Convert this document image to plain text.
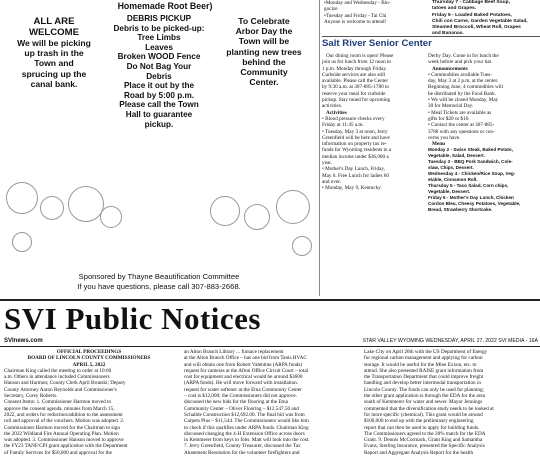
Homemade Root Beer)
ALL ARE
WELCOME
We will be picking
up trash in the
Town and
sprucing up the
canal bank.
DEBRIS PICKUP
Debris to be picked-up:
Tree Limbs
Leaves
Broken WOOD Fence
Do Not Bag Your
Debris
Place it out by the
Road by 5:00 p.m.
Please call the Town
Hall to guarantee
pickup.
To Celebrate
Arbor Day the
Town will be
planting new trees
behind the
Community
Center.
Sponsored by Thayne Beautification Committee
If you have questions, please call 307-883-2668.
•Monday and Wednesday - Bin-
gocize
•Tuesday and Friday - Tai Chi
Anyone is welcome to attend!
Thursday 7 - Cabbage Beef Soup,
tatoes and Grapes.
Friday 6 - Loaded Baked Potatoes,
Chili con Carne, Garden Vegetable Salad,
Steamed Broccoli, Wheat Roll, Grapes
and Bananas.
Salt River Senior Center
Our dining room is open! Please
join us for lunch from 12 noon to
1 p.m. Monday through Friday.
Curbside services are also still
available. Please call the Center
by 9:30 a.m. at 307-885-1780 to
reserve your meal for curbside
pickup. Stay tuned for upcoming
activities.
Activities
• Blood pressure checks every
Friday at 11:45 a.m.
• Tuesday, May 3 at noon, Jerry
Greenfield will be here and have
information on property tax re-
funds for Wyoming residents in a
median income under $36,000 a
year.
• Mother's Day Lunch, Friday,
May 6. Free Lunch for ladies 60
and over.
• Monday, May 9, Kentucky
Derby Day. Come in for lunch the
week before and pick your hat.
Announcements
• Commodities available Tues-
day, May 3 at 2 p.m. at the center.
Beginning June, 4 commodities will
be distributed by the Food Bank.
• We will be closed Monday, May
30 for Memorial Day.
• Meal Tickets are available as
gifts for $20 or $10.
• Contact the center at 307-885-
3780 with any questions or con-
cerns you have.
Menu
Monday 2 - Swiss Steak, Baked Potato,
Vegetable, Salad, Dessert.
Tuesday 3 - BBQ Pork Sandwich, Cole-
slaw, Chips, Dessert.
Wednesday 4 - Chicken/Rice Soup, Veg-
etable, Cinnamon Roll.
Thursday 5 - Taco Salad, Corn chips,
Vegetable, Dessert.
Friday 6 - Mother's Day Lunch, Chicken
Cordon Bleu, Cheesy Potatoes, Vegetable,
Bread, Strawberry Shortcake.
SVI Public Notices
SVInews.com	STAR VALLEY WYOMING WEDNESDAY, APRIL 27, 2022 SVI MEDIA - 16A
OFFICIAL PROCEEDINGS
BOARD OF LINCOLN COUNTY COMMISSIONERS
APRIL 5, 2022
Chairman King called the meeting to order at 10:00
a.m. Others in attendance included Commissioners
Hanson and Harmon; County Clerk April Brunski; Deputy
County Attorney Aaron Reynolds and Commissioner's
Secretary, Corey Roberts.
Consent Items: 1. Commissioner Harmon moved to
approve the consent agenda, minutes from March 15,
2022, and orders for reduction/addition to the assessment
roll and approval of the vouchers. Motion was adopted. 2.
Commissioner Harmon moved for the Chairman to sign
the 2022 Wildland Fire Annual Operating Plan. Motion
was adopted. 3. Commissioner Hanson moved to approve
the FY23 TANF/CPI grant application with the Department
of Family Services for $50,000 and approval for the
an Alton Branch Library ... furnace replacement
at the Alton Branch Office – has one bid from Tanis HVAC
and will obtain one from Robert Valentine (ARPA funds)
request for cameras at the Afton Office Circuit Court – total
cost for equipment and electrical would be around $3600
(ARPA funds). He will move forward with installation.
request for water softener at the Etna Community Center
– cost is $12,000; the Commissioners did not approve.
discussed the new bids for the flooring at the Etna
Community Center – Oliver Flooring – $12,547.50 and
Schaible Construction $12,692.00. The final bid was from
Carpets Plus – $11,544. The Commissioners would like him
to check if this qualifies under ARPA funds. Chairman King
discussed changing the 4-H Extension Office across doors
in Kemmerer from keys to fobs. Matt will look into the cost.
7. Jerry Greenfield, County Treasurer, discussed the Tax
Abatement Resolution for the volunteer firefighters and
Lake City on April 26th with the US Department of Energy
for regional carbon management and applying for carbon
storage. It would be useful for the Mine Exxon, etc. to
attend. She also presented RAISE grant information from
the Transportation Department that could improve freight
handling and develop better intermodal transportation in
Lincoln County. The funds can only be used for planning;
the other grant application is through the EDA for the area
south of Kemmerer for water and sewer. Mayor Jennings
commented that the diversification study needs to be looked at
for more specific (chemical). This grant would be around
$100,000 to end up with the preliminary engineering
report that can then be used to apply for building funds.
The Commissioners agreed to the 20% match for the EDA
Grant. 9. Dennis McCormack, Grant King and Samantha
Evans, Sterling Insurance, presented the Specific Analysis
Report and Aggregate Analysis Report for the health
